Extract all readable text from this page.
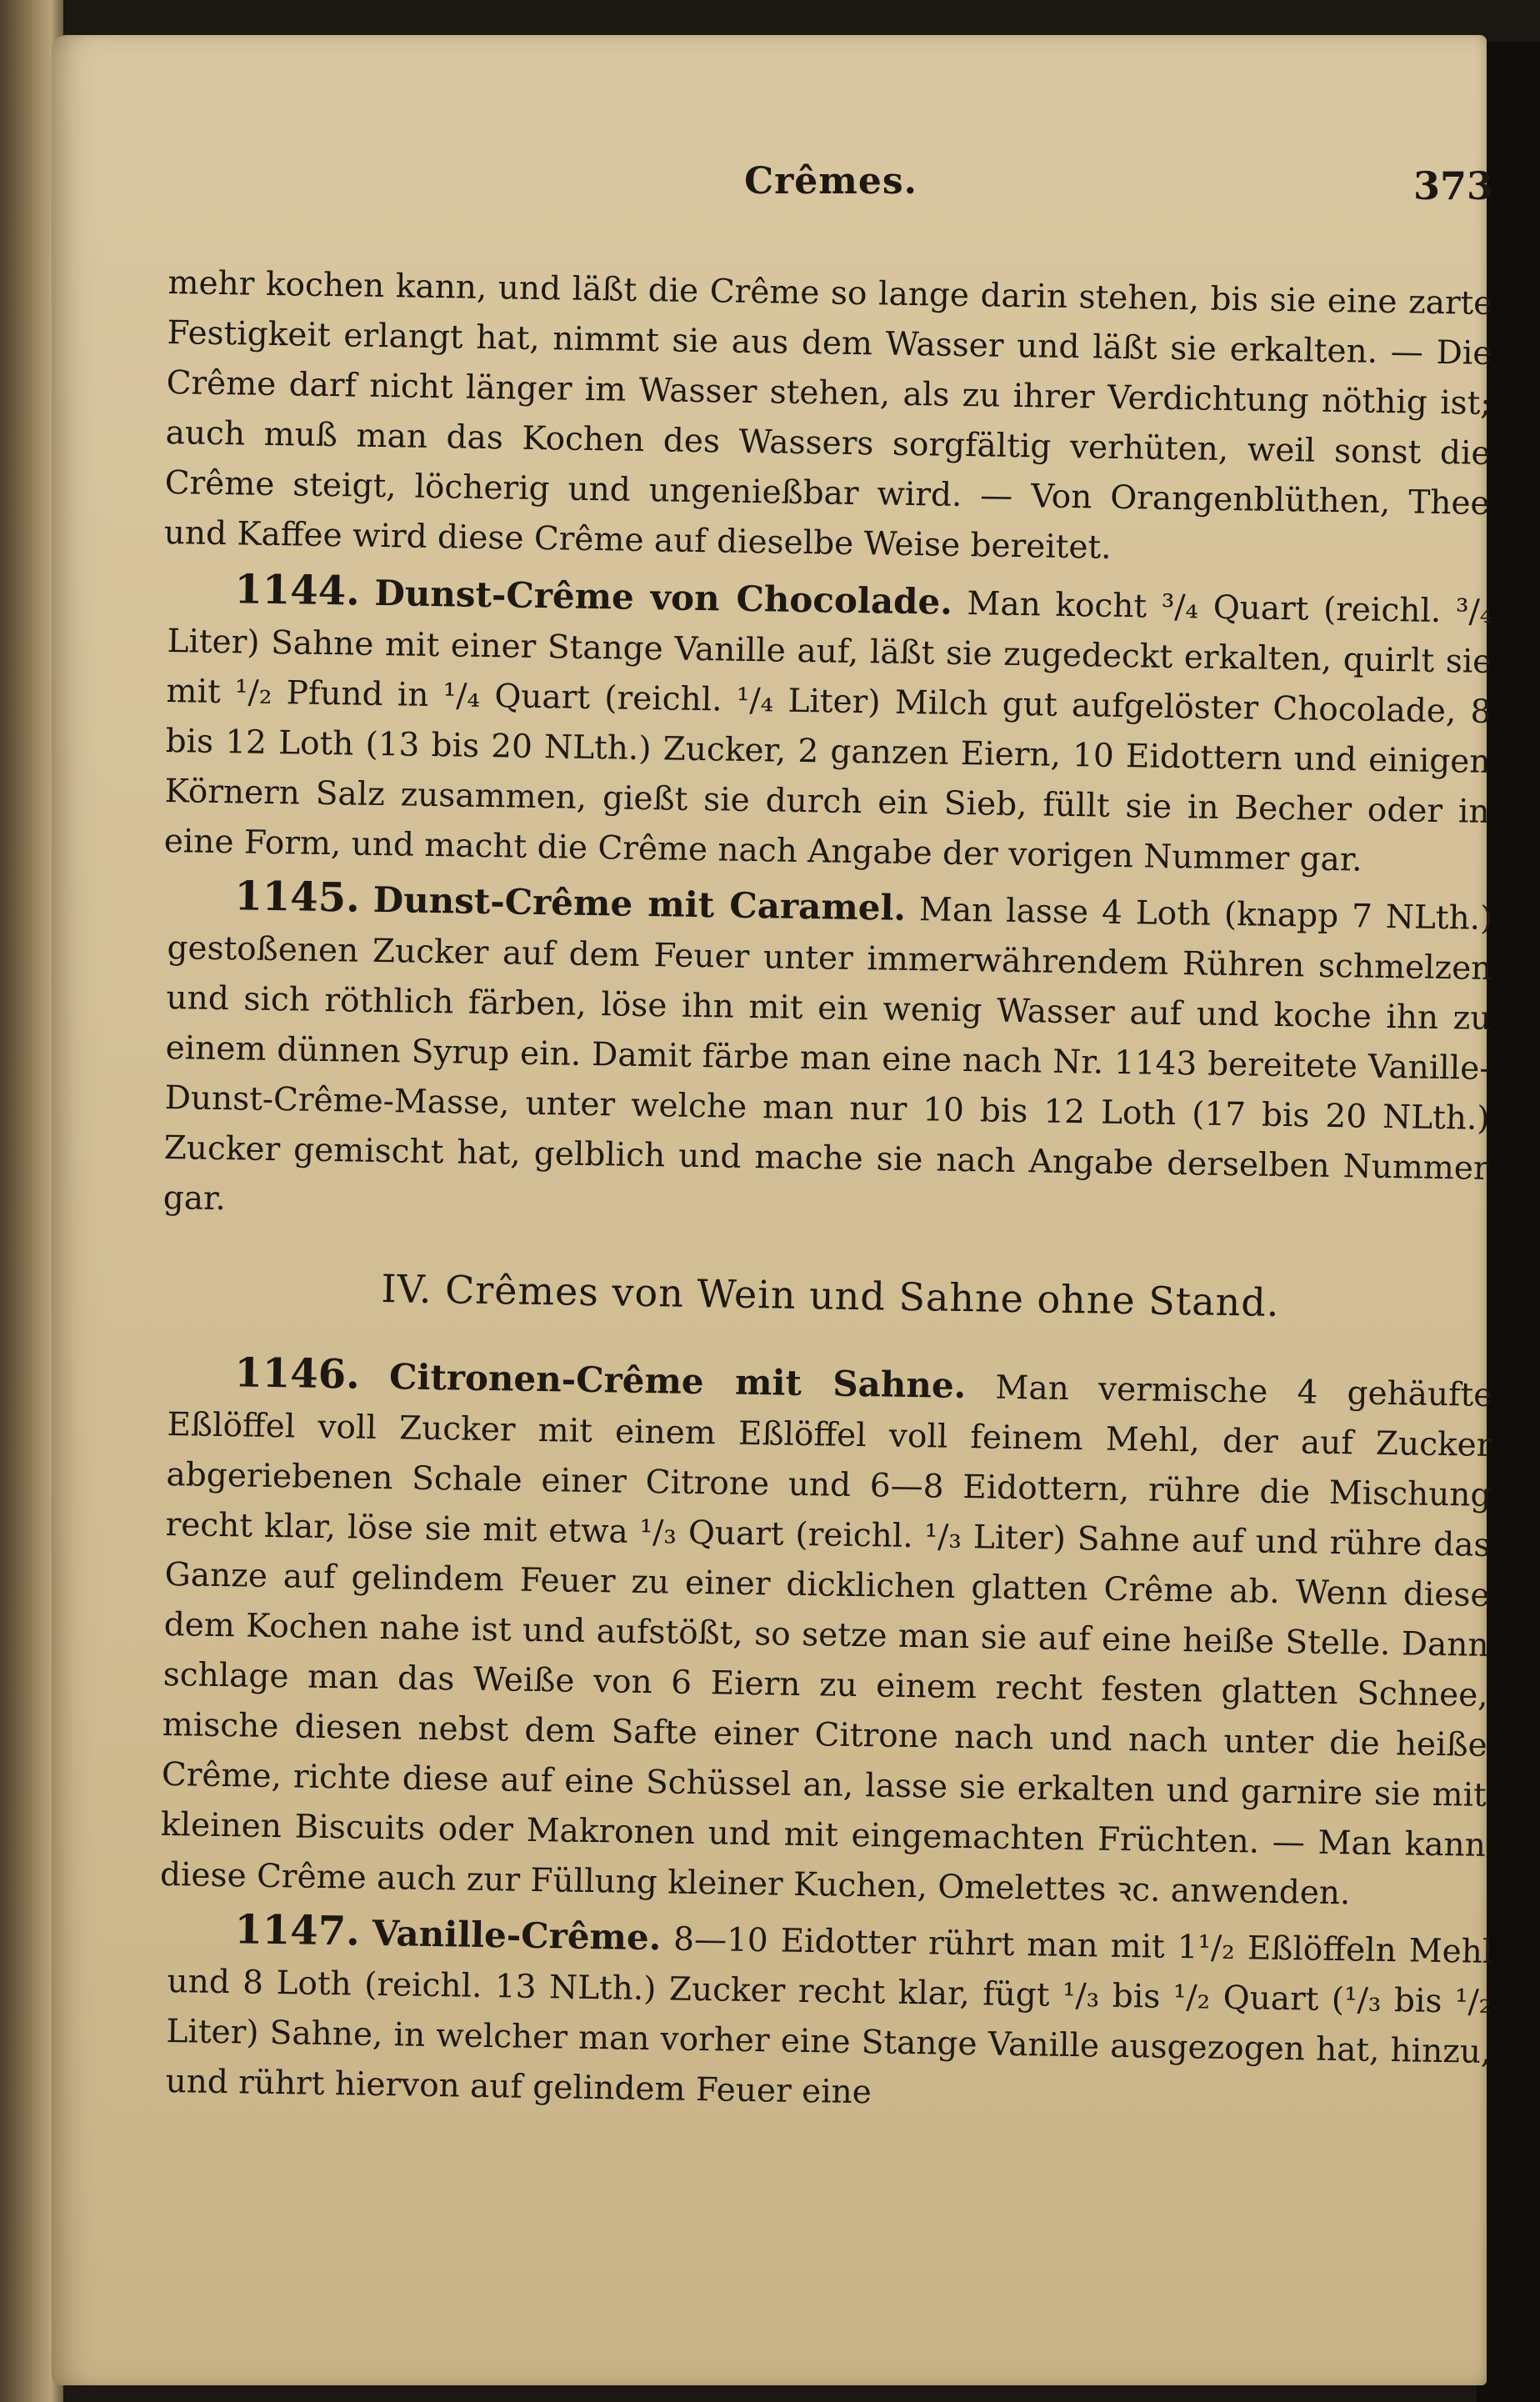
Crêmes.	373

mehr kochen kann, und läßt die Crême so lange darin stehen, bis sie eine zarte Festigkeit erlangt hat, nimmt sie aus dem Wasser und läßt sie erkalten. — Die Crême darf nicht länger im Wasser stehen, als zu ihrer Verdichtung nöthig ist; auch muß man das Kochen des Wassers sorgfältig verhüten, weil sonst die Crême steigt, löcherig und ungenießbar wird. — Von Orangenblüthen, Thee und Kaffee wird diese Crême auf dieselbe Weise bereitet.

1144. Dunst-Crême von Chocolade. Man kocht ³/₄ Quart (reichl. ³/₄ Liter) Sahne mit einer Stange Vanille auf, läßt sie zugedeckt erkalten, quirlt sie mit ¹/₂ Pfund in ¹/₄ Quart (reichl. ¹/₄ Liter) Milch gut aufgelöster Chocolade, 8 bis 12 Loth (13 bis 20 NLth.) Zucker, 2 ganzen Eiern, 10 Eidottern und einigen Körnern Salz zusammen, gießt sie durch ein Sieb, füllt sie in Becher oder in eine Form, und macht die Crême nach Angabe der vorigen Nummer gar.

1145. Dunst-Crême mit Caramel. Man lasse 4 Loth (knapp 7 NLth.) gestoßenen Zucker auf dem Feuer unter immerwährendem Rühren schmelzen und sich röthlich färben, löse ihn mit ein wenig Wasser auf und koche ihn zu einem dünnen Syrup ein. Damit färbe man eine nach Nr. 1143 bereitete Vanille-Dunst-Crême-Masse, unter welche man nur 10 bis 12 Loth (17 bis 20 NLth.) Zucker gemischt hat, gelblich und mache sie nach Angabe derselben Nummer gar.

IV. Crêmes von Wein und Sahne ohne Stand.

1146. Citronen-Crême mit Sahne. Man vermische 4 gehäufte Eßlöffel voll Zucker mit einem Eßlöffel voll feinem Mehl, der auf Zucker abgeriebenen Schale einer Citrone und 6—8 Eidottern, rühre die Mischung recht klar, löse sie mit etwa ¹/₃ Quart (reichl. ¹/₃ Liter) Sahne auf und rühre das Ganze auf gelindem Feuer zu einer dicklichen glatten Crême ab. Wenn diese dem Kochen nahe ist und aufstößt, so setze man sie auf eine heiße Stelle. Dann schlage man das Weiße von 6 Eiern zu einem recht festen glatten Schnee, mische diesen nebst dem Safte einer Citrone nach und nach unter die heiße Crême, richte diese auf eine Schüssel an, lasse sie erkalten und garnire sie mit kleinen Biscuits oder Makronen und mit eingemachten Früchten. — Man kann diese Crême auch zur Füllung kleiner Kuchen, Omelettes ꝛc. anwenden.

1147. Vanille-Crême. 8—10 Eidotter rührt man mit 1¹/₂ Eßlöffeln Mehl und 8 Loth (reichl. 13 NLth.) Zucker recht klar, fügt ¹/₃ bis ¹/₂ Quart (¹/₃ bis ¹/₂ Liter) Sahne, in welcher man vorher eine Stange Vanille ausgezogen hat, hinzu, und rührt hiervon auf gelindem Feuer eine
